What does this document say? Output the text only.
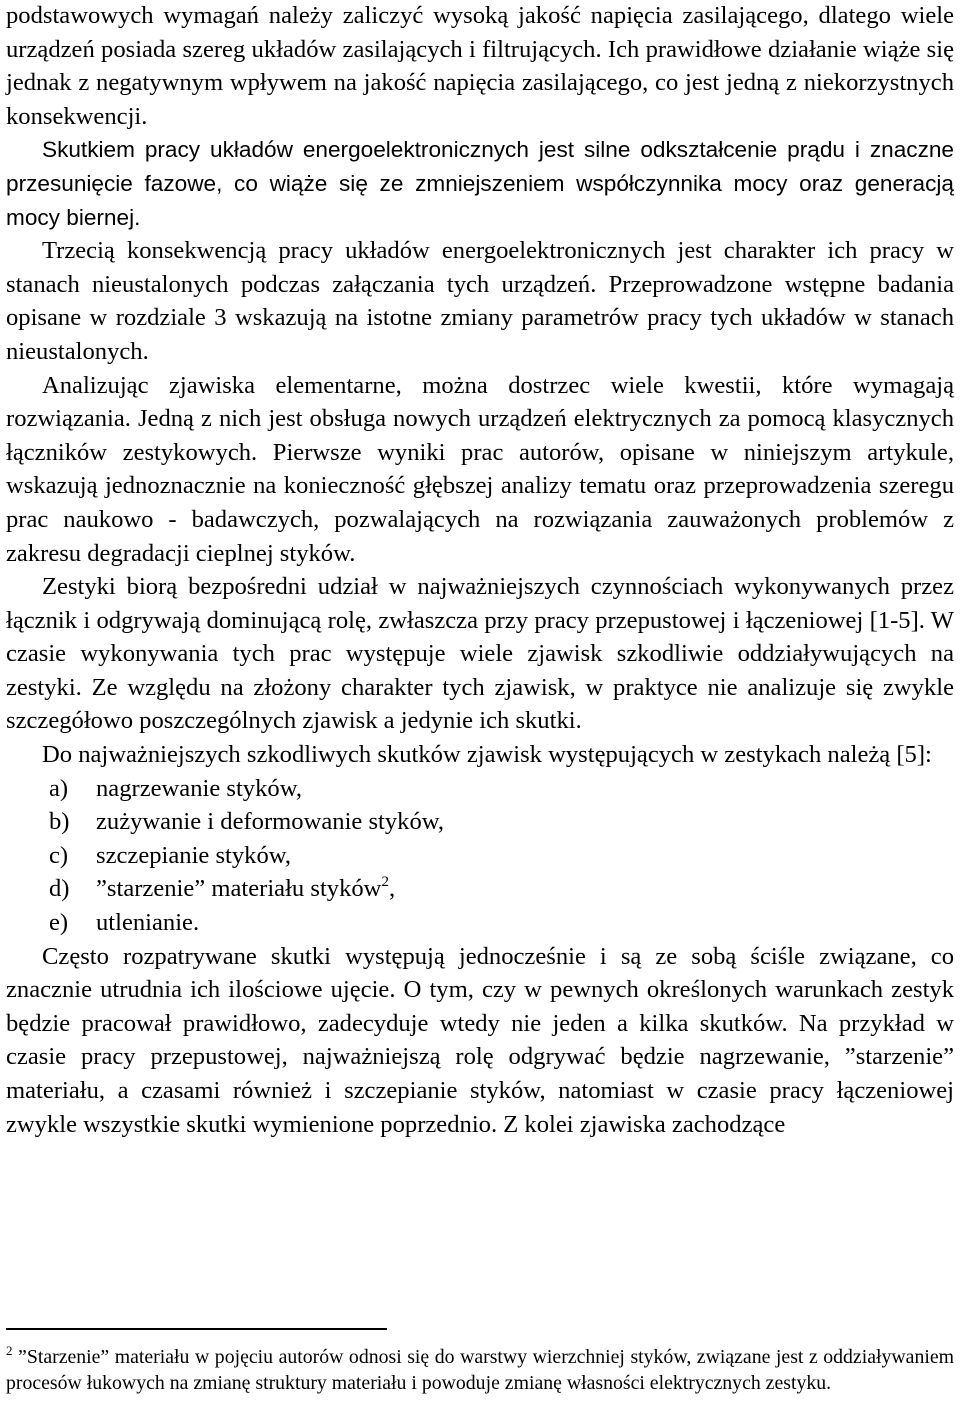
podstawowych wymagań należy zaliczyć wysoką jakość napięcia zasilającego, dlatego wiele urządzeń posiada szereg układów zasilających i filtrujących. Ich prawidłowe działanie wiąże się jednak z negatywnym wpływem na jakość napięcia zasilającego, co jest jedną z niekorzystnych konsekwencji.

Skutkiem pracy układów energoelektronicznych jest silne odkształcenie prądu i znaczne przesunięcie fazowe, co wiąże się ze zmniejszeniem współczynnika mocy oraz generacją mocy biernej.

Trzecią konsekwencją pracy układów energoelektronicznych jest charakter ich pracy w stanach nieustalonych podczas załączania tych urządzeń. Przeprowadzone wstępne badania opisane w rozdziale 3 wskazują na istotne zmiany parametrów pracy tych układów w stanach nieustalonych.

Analizując zjawiska elementarne, można dostrzec wiele kwestii, które wymagają rozwiązania. Jedną z nich jest obsługa nowych urządzeń elektrycznych za pomocą klasycznych łączników zestykowych. Pierwsze wyniki prac autorów, opisane w niniejszym artykule, wskazują jednoznacznie na konieczność głębszej analizy tematu oraz przeprowadzenia szeregu prac naukowo - badawczych, pozwalających na rozwiązania zauważonych problemów z zakresu degradacji cieplnej styków.

Zestyki biorą bezpośredni udział w najważniejszych czynnościach wykonywanych przez łącznik i odgrywają dominującą rolę, zwłaszcza przy pracy przepustowej i łączeniowej [1-5]. W czasie wykonywania tych prac występuje wiele zjawisk szkodliwie oddziaływujących na zestyki. Ze względu na złożony charakter tych zjawisk, w praktyce nie analizuje się zwykle szczegółowo poszczególnych zjawisk a jedynie ich skutki.

Do najważniejszych szkodliwych skutków zjawisk występujących w zestykach należą [5]:

a)	nagrzewanie styków,
b)	zużywanie i deformowanie styków,
c)	szczepianie styków,
d)	”starzenie” materiału styków$^2$,
e)	utlenianie.

Często rozpatrywane skutki występują jednocześnie i są ze sobą ściśle związane, co znacznie utrudnia ich ilościowe ujęcie. O tym, czy w pewnych określonych warunkach zestyk będzie pracował prawidłowo, zadecyduje wtedy nie jeden a kilka skutków. Na przykład w czasie pracy przepustowej, najważniejszą rolę odgrywać będzie nagrzewanie, ”starzenie” materiału, a czasami również i szczepianie styków, natomiast w czasie pracy łączeniowej zwykle wszystkie skutki wymienione poprzednio. Z kolei zjawiska zachodzące

$^2$ ”Starzenie” materiału w pojęciu autorów odnosi się do warstwy wierzchniej styków, związane jest z oddziaływaniem procesów łukowych na zmianę struktury materiału i powoduje zmianę własności elektrycznych zestyku.
